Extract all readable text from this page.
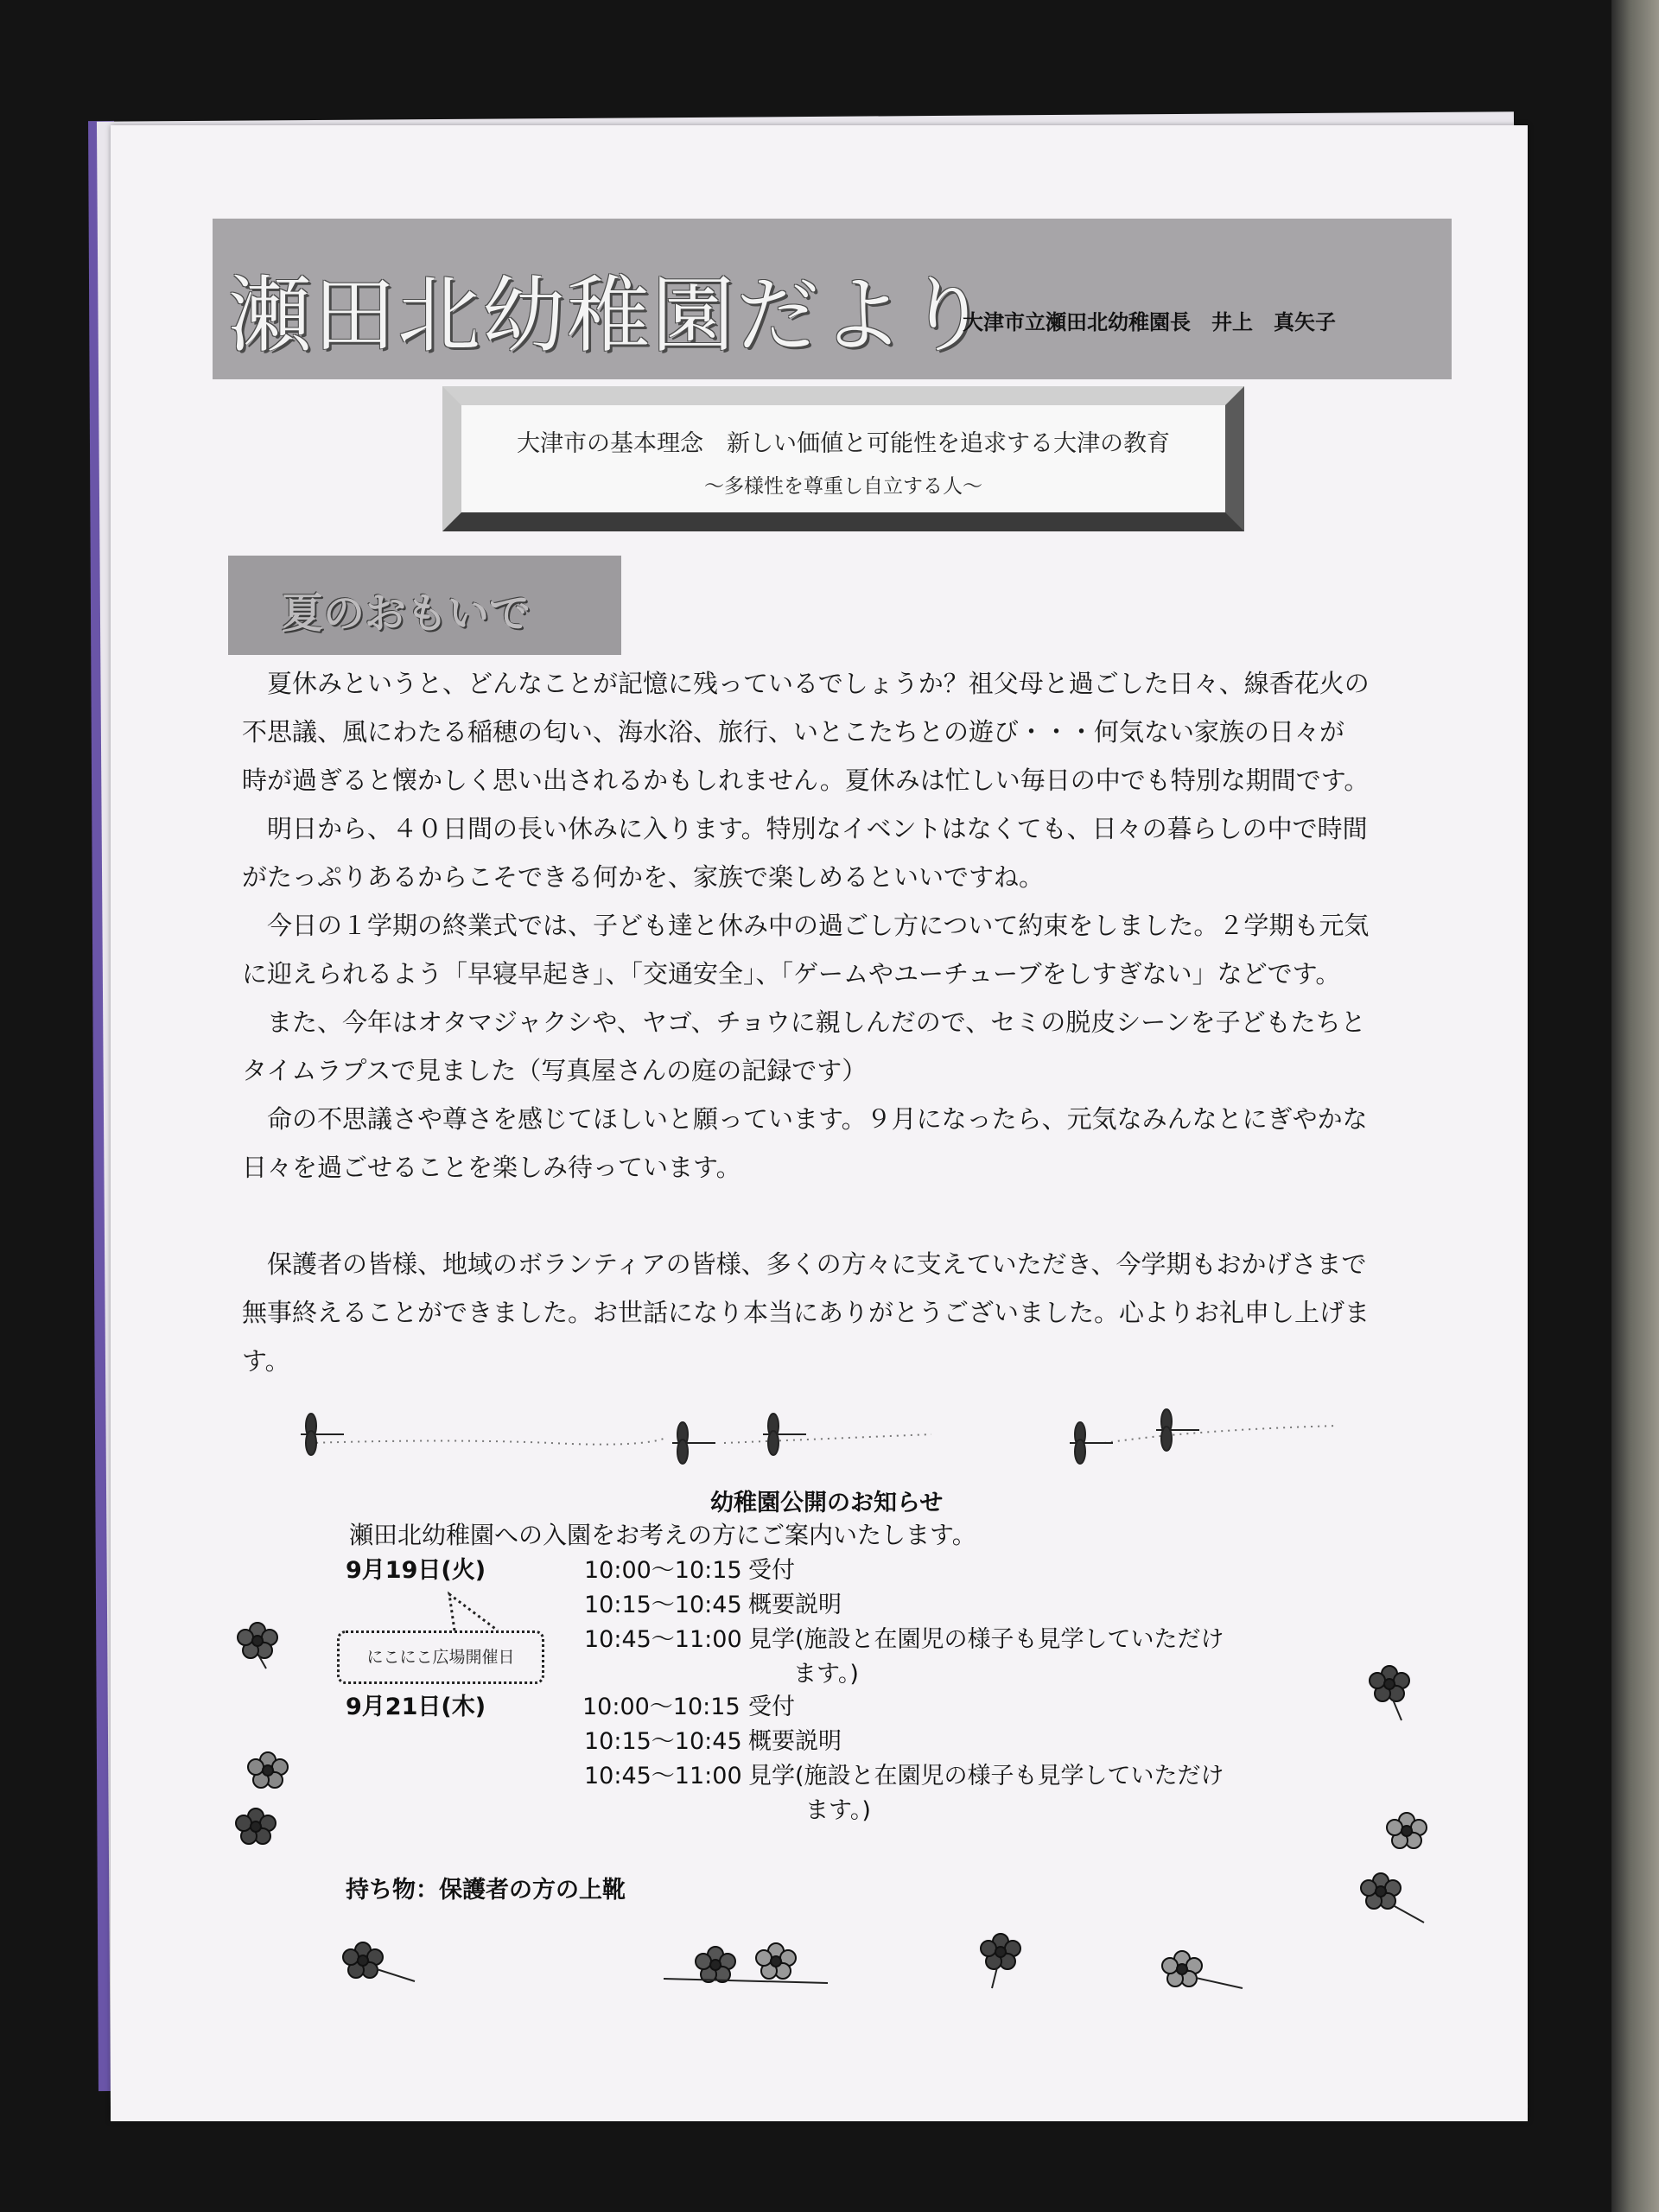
瀬田北幼稚園だより
大津市立瀬田北幼稚園長　井上　真矢子
大津市の基本理念　新しい価値と可能性を追求する大津の教育
～多様性を尊重し自立する人～
夏のおもいで

　夏休みというと、どんなことが記憶に残っているでしょうか？祖父母と過ごした日々、線香花火の

不思議、風にわたる稲穂の匂い、海水浴、旅行、いとこたちとの遊び・・・何気ない家族の日々が

時が過ぎると懐かしく思い出されるかもしれません。夏休みは忙しい毎日の中でも特別な期間です。

　明日から、４０日間の長い休みに入ります。特別なイベントはなくても、日々の暮らしの中で時間

がたっぷりあるからこそできる何かを、家族で楽しめるといいですね。

　今日の１学期の終業式では、子ども達と休み中の過ごし方について約束をしました。２学期も元気

に迎えられるよう「早寝早起き」、「交通安全」、「ゲームやユーチューブをしすぎない」などです。

　また、今年はオタマジャクシや、ヤゴ、チョウに親しんだので、セミの脱皮シーンを子どもたちと

タイムラプスで見ました（写真屋さんの庭の記録です）

　命の不思議さや尊さを感じてほしいと願っています。９月になったら、元気なみんなとにぎやかな

日々を過ごせることを楽しみ待っています。

　保護者の皆様、地域のボランティアの皆様、多くの方々に支えていただき、今学期もおかげさまで

無事終えることができました。お世話になり本当にありがとうございました。心よりお礼申し上げま

す。

幼稚園公開のお知らせ
瀬田北幼稚園への入園をお考えの方にご案内いたします。
9月19日(火)	10:00～10:15 受付
10:15～10:45 概要説明
10:45～11:00 見学(施設と在園児の様子も見学していただけ
ます。)
にこにこ広場開催日
9月21日(木)	10:00～10:15 受付
10:15～10:45 概要説明
10:45～11:00 見学(施設と在園児の様子も見学していただけ
ます。)
持ち物：保護者の方の上靴
